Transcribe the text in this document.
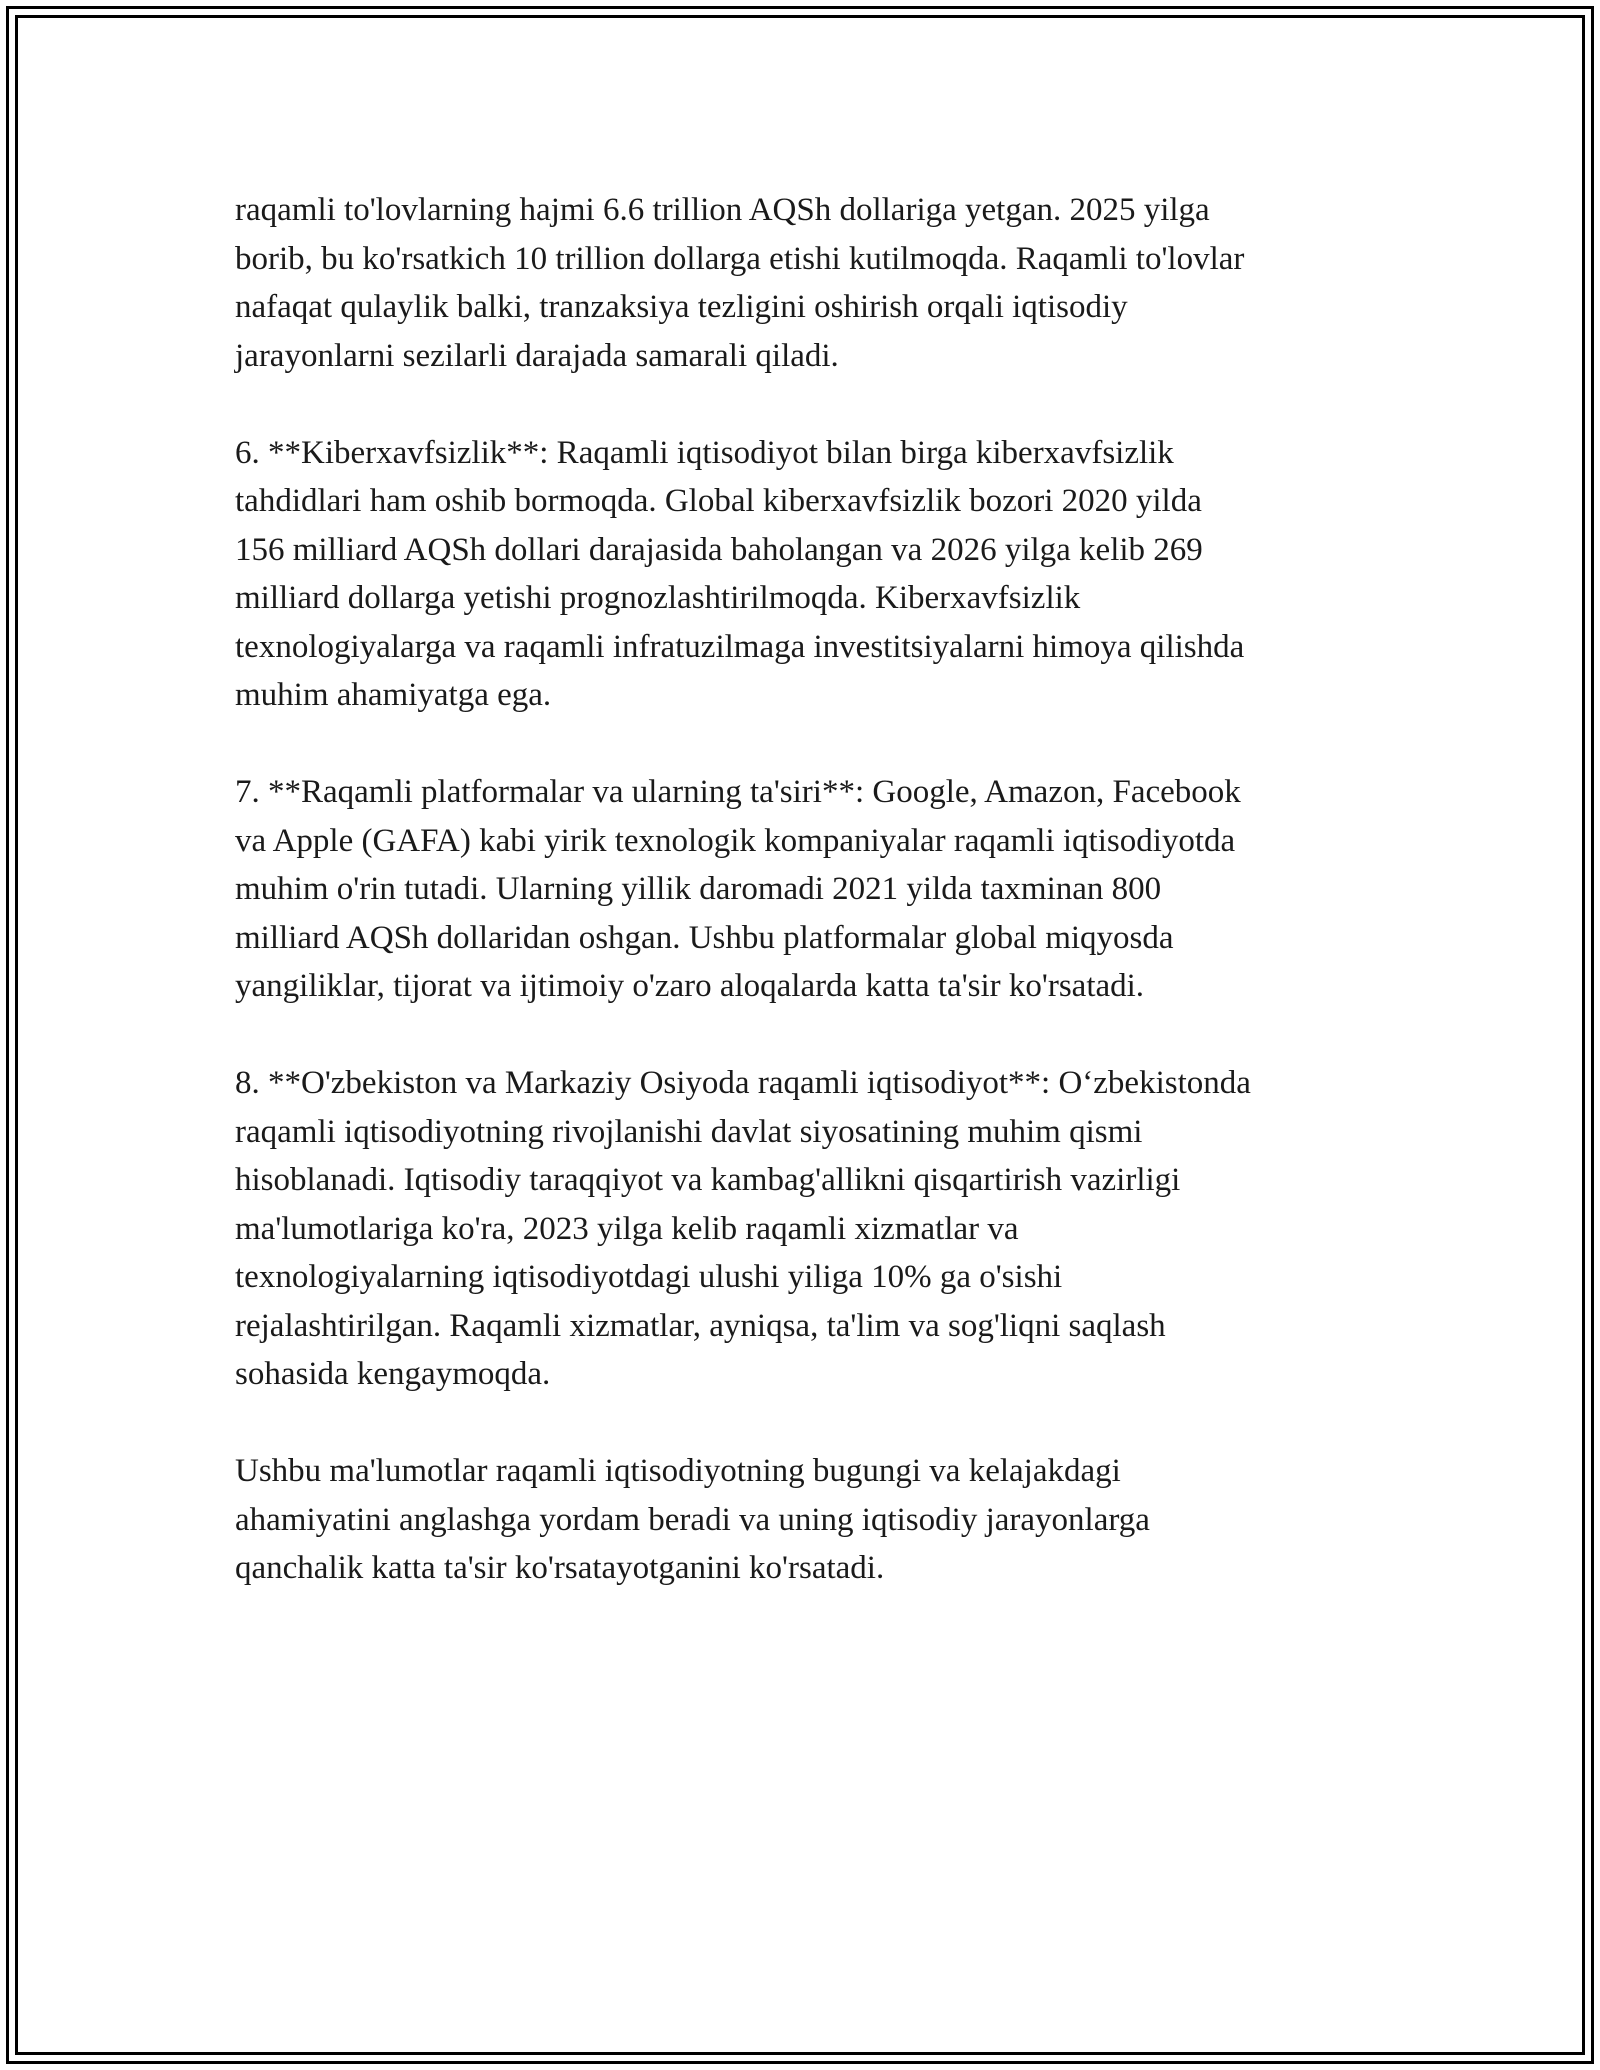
raqamli to'lovlarning hajmi 6.6 trillion AQSh dollariga yetgan. 2025 yilga
borib, bu ko'rsatkich 10 trillion dollarga etishi kutilmoqda. Raqamli to'lovlar
nafaqat qulaylik balki, tranzaksiya tezligini oshirish orqali iqtisodiy
jarayonlarni sezilarli darajada samarali qiladi.

6. **Kiberxavfsizlik**: Raqamli iqtisodiyot bilan birga kiberxavfsizlik
tahdidlari ham oshib bormoqda. Global kiberxavfsizlik bozori 2020 yilda
156 milliard AQSh dollari darajasida baholangan va 2026 yilga kelib 269
milliard dollarga yetishi prognozlashtirilmoqda. Kiberxavfsizlik
texnologiyalarga va raqamli infratuzilmaga investitsiyalarni himoya qilishda
muhim ahamiyatga ega.

7. **Raqamli platformalar va ularning ta'siri**: Google, Amazon, Facebook
va Apple (GAFA) kabi yirik texnologik kompaniyalar raqamli iqtisodiyotda
muhim o'rin tutadi. Ularning yillik daromadi 2021 yilda taxminan 800
milliard AQSh dollaridan oshgan. Ushbu platformalar global miqyosda
yangiliklar, tijorat va ijtimoiy o'zaro aloqalarda katta ta'sir ko'rsatadi.

8. **O'zbekiston va Markaziy Osiyoda raqamli iqtisodiyot**: O‘zbekistonda
raqamli iqtisodiyotning rivojlanishi davlat siyosatining muhim qismi
hisoblanadi. Iqtisodiy taraqqiyot va kambag'allikni qisqartirish vazirligi
ma'lumotlariga ko'ra, 2023 yilga kelib raqamli xizmatlar va
texnologiyalarning iqtisodiyotdagi ulushi yiliga 10% ga o'sishi
rejalashtirilgan. Raqamli xizmatlar, ayniqsa, ta'lim va sog'liqni saqlash
sohasida kengaymoqda.

Ushbu ma'lumotlar raqamli iqtisodiyotning bugungi va kelajakdagi
ahamiyatini anglashga yordam beradi va uning iqtisodiy jarayonlarga
qanchalik katta ta'sir ko'rsatayotganini ko'rsatadi.
